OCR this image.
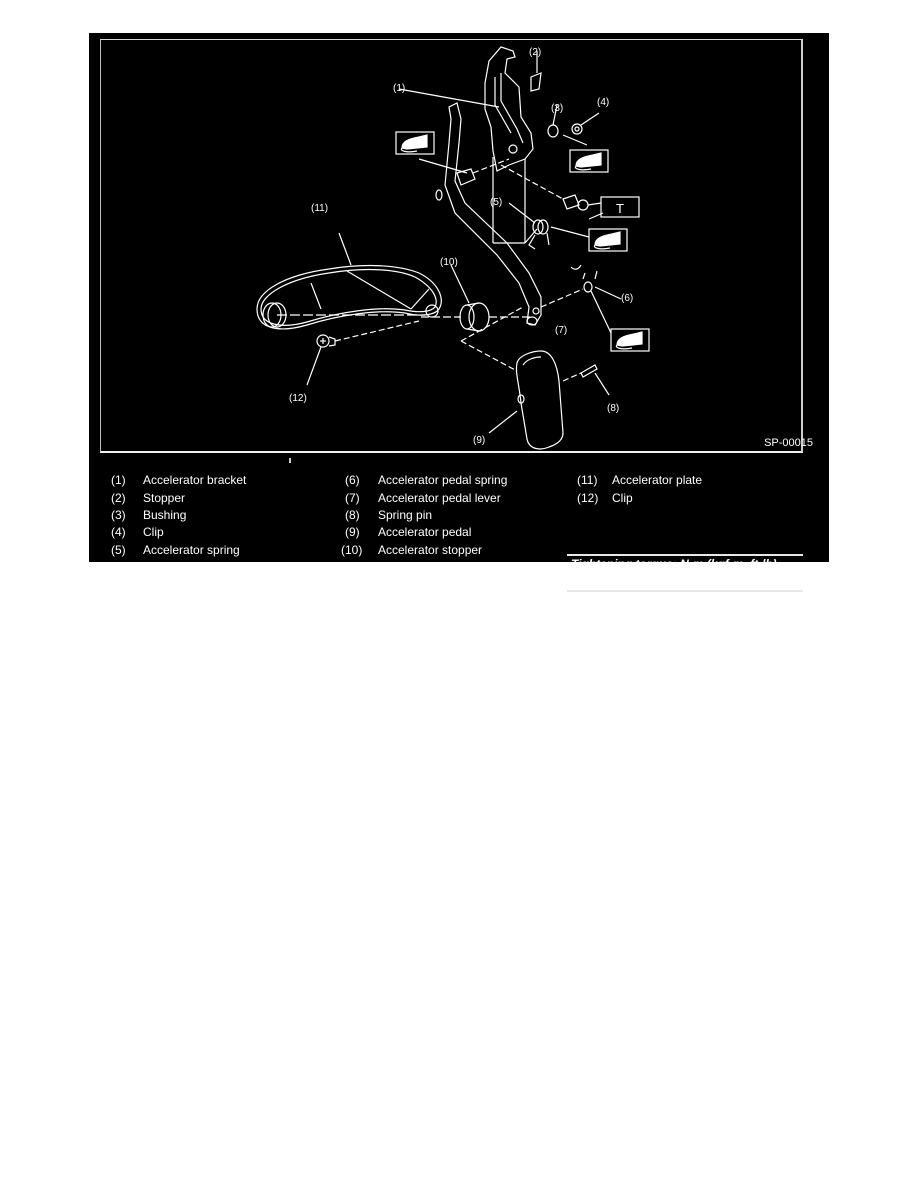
(1)
(2)
(3)
(4)
(5)
(6)
(7)
(8)
(9)
(10)
(11)
(12)
T
SP-00015
(1) Accelerator bracket
(2) Stopper
(3) Bushing
(4) Clip
(5) Accelerator spring
(6) Accelerator pedal spring
(7) Accelerator pedal lever
(8) Spring pin
(9) Accelerator pedal
(10) Accelerator stopper
(11) Accelerator plate
(12) Clip
Tightening torque: N·m (kgf-m, ft-lb)
T: 18 (1.8, 13.0)
